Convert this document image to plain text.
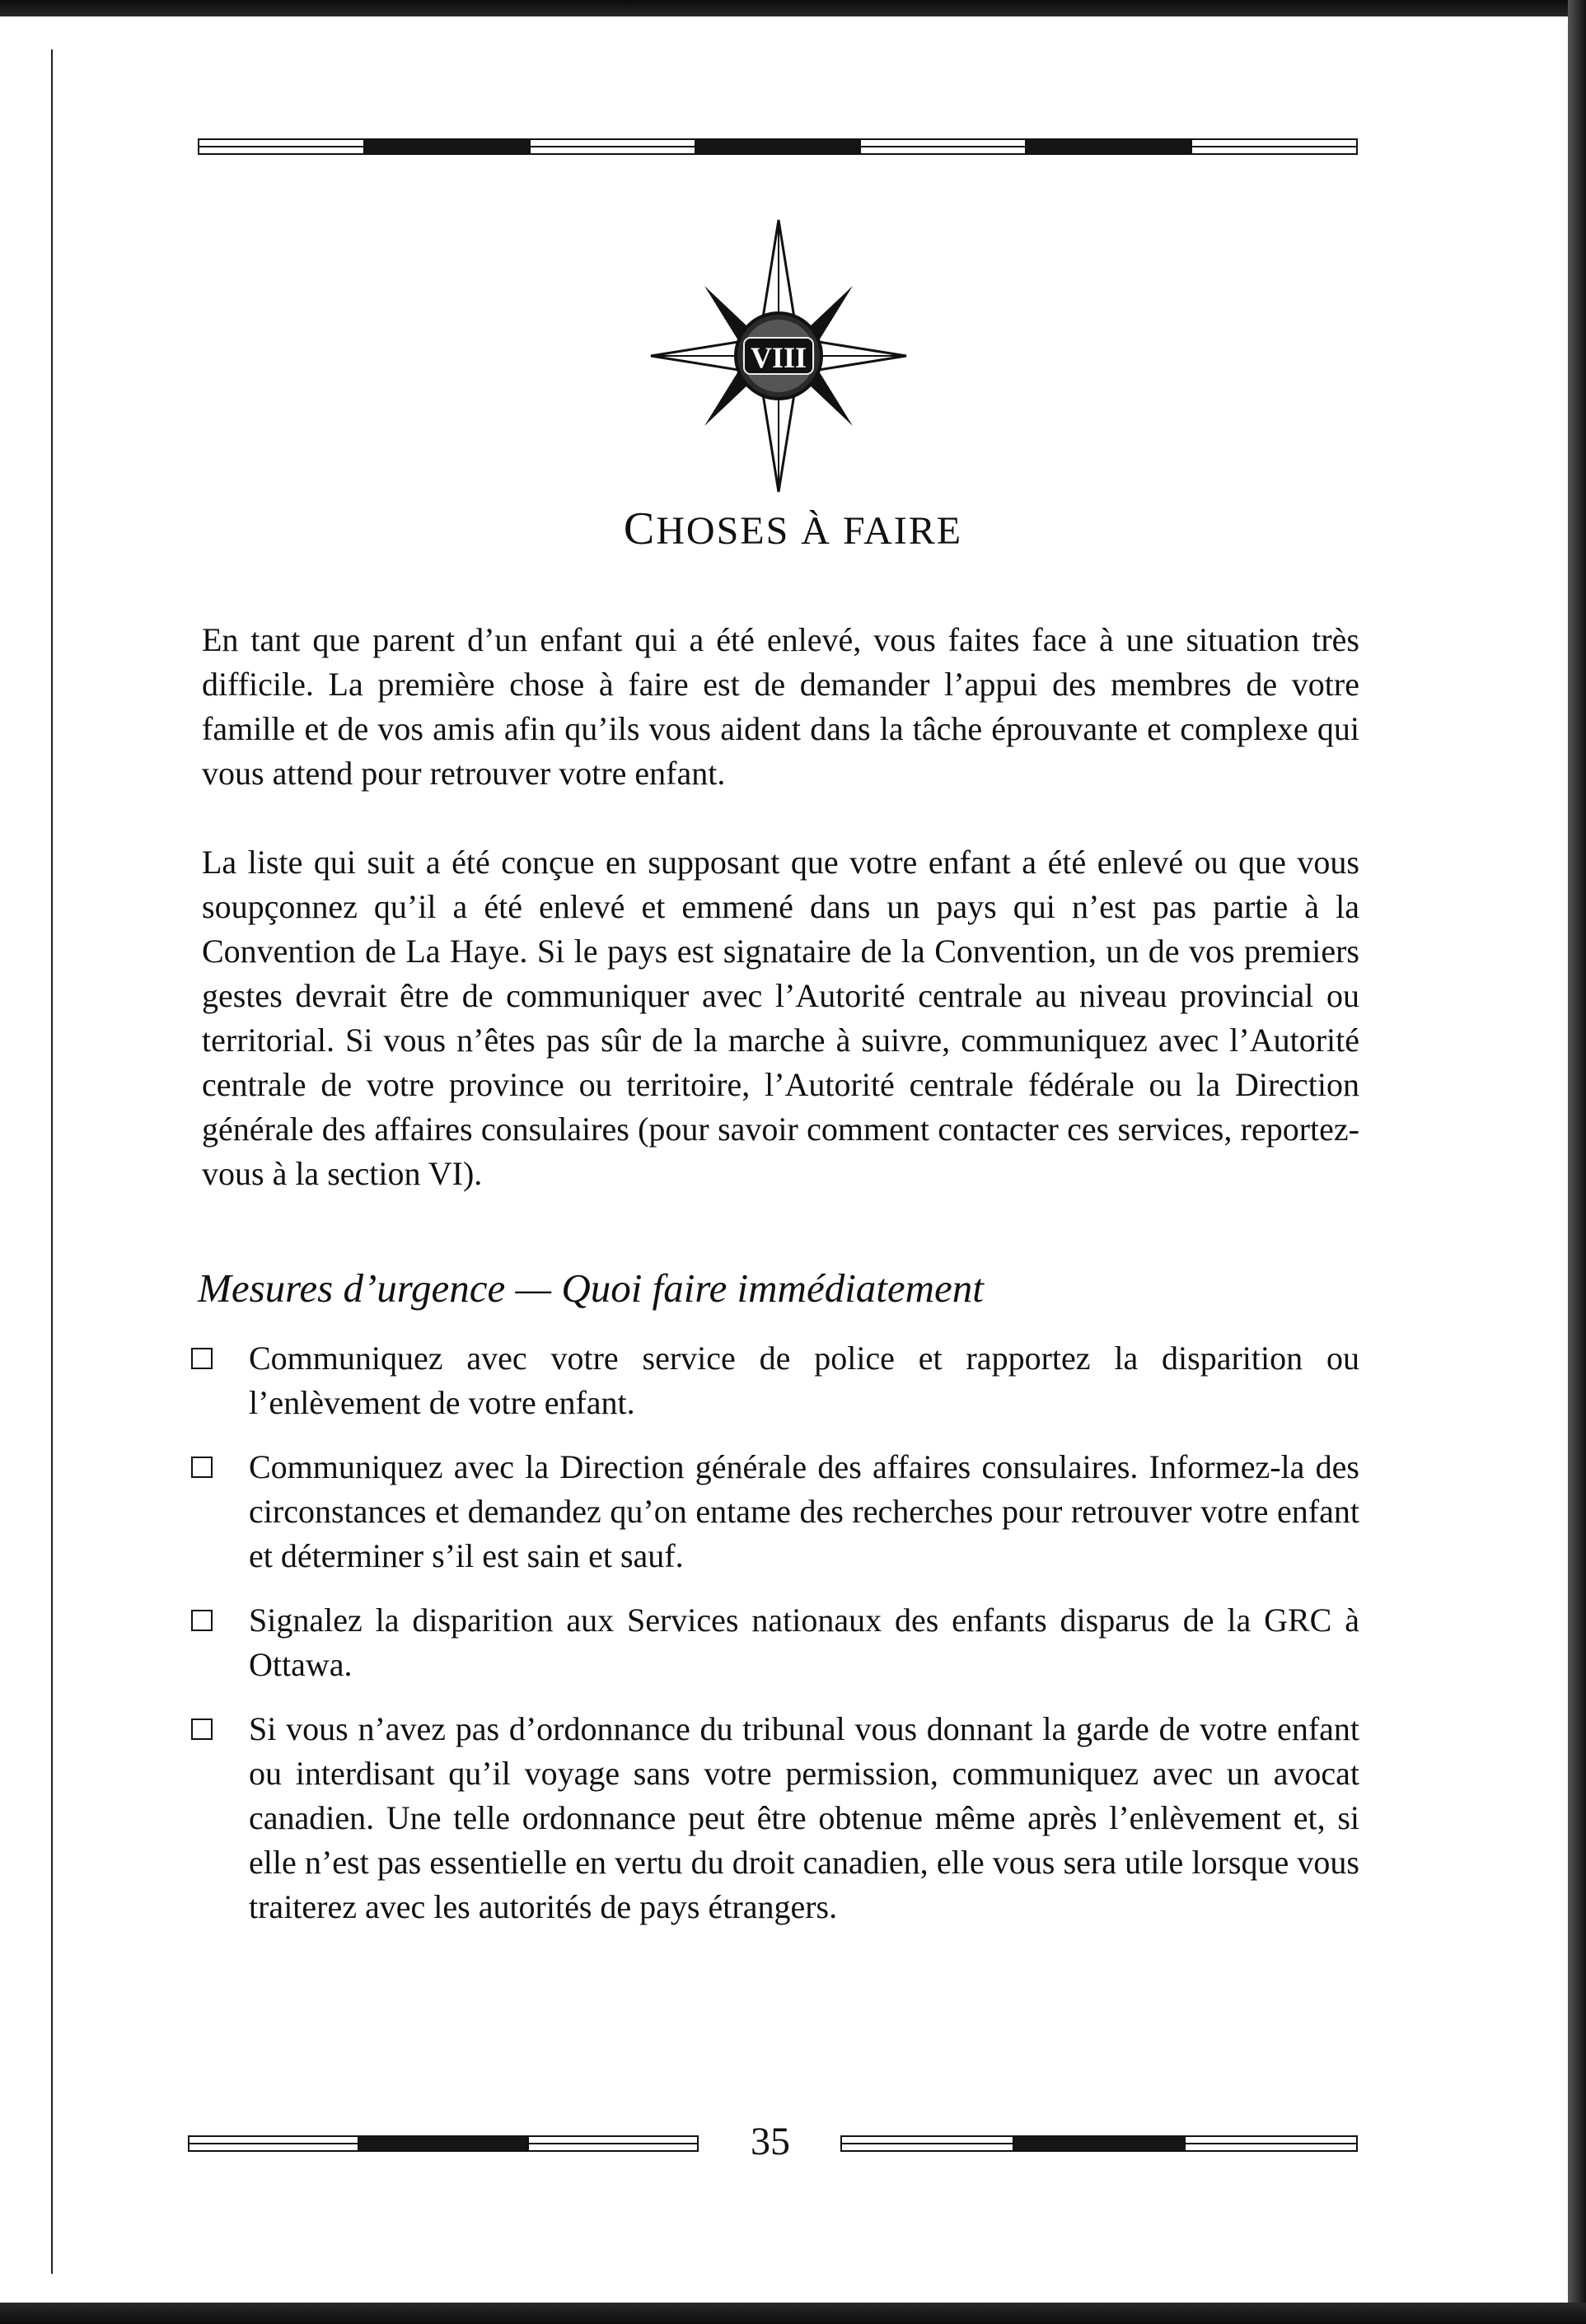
VIII
CHOSES À FAIRE

En tant que parent d’un enfant qui a été enlevé, vous faites face à une situation très difficile. La première chose à faire est de demander l’appui des membres de votre famille et de vos amis afin qu’ils vous aident dans la tâche éprouvante et complexe qui vous attend pour retrouver votre enfant.

La liste qui suit a été conçue en supposant que votre enfant a été enlevé ou que vous soupçonnez qu’il a été enlevé et emmené dans un pays qui n’est pas partie à la Convention de La Haye. Si le pays est signataire de la Convention, un de vos premiers gestes devrait être de communiquer avec l’Autorité centrale au niveau provincial ou territorial. Si vous n’êtes pas sûr de la marche à suivre, communiquez avec l’Autorité centrale de votre province ou territoire, l’Autorité centrale fédérale ou la Direction générale des affaires consulaires (pour savoir comment contacter ces services, reportez-vous à la section VI).

Mesures d’urgence — Quoi faire immédiatement
Communiquez avec votre service de police et rapportez la disparition ou l’enlèvement de votre enfant.
Communiquez avec la Direction générale des affaires consulaires. Informez-la des circonstances et demandez qu’on entame des recherches pour retrouver votre enfant et déterminer s’il est sain et sauf.
Signalez la disparition aux Services nationaux des enfants disparus de la GRC à Ottawa.
Si vous n’avez pas d’ordonnance du tribunal vous donnant la garde de votre enfant ou interdisant qu’il voyage sans votre permission, communiquez avec un avocat canadien. Une telle ordonnance peut être obtenue même après l’enlèvement et, si elle n’est pas essentielle en vertu du droit canadien, elle vous sera utile lorsque vous traiterez avec les autorités de pays étrangers.

35
